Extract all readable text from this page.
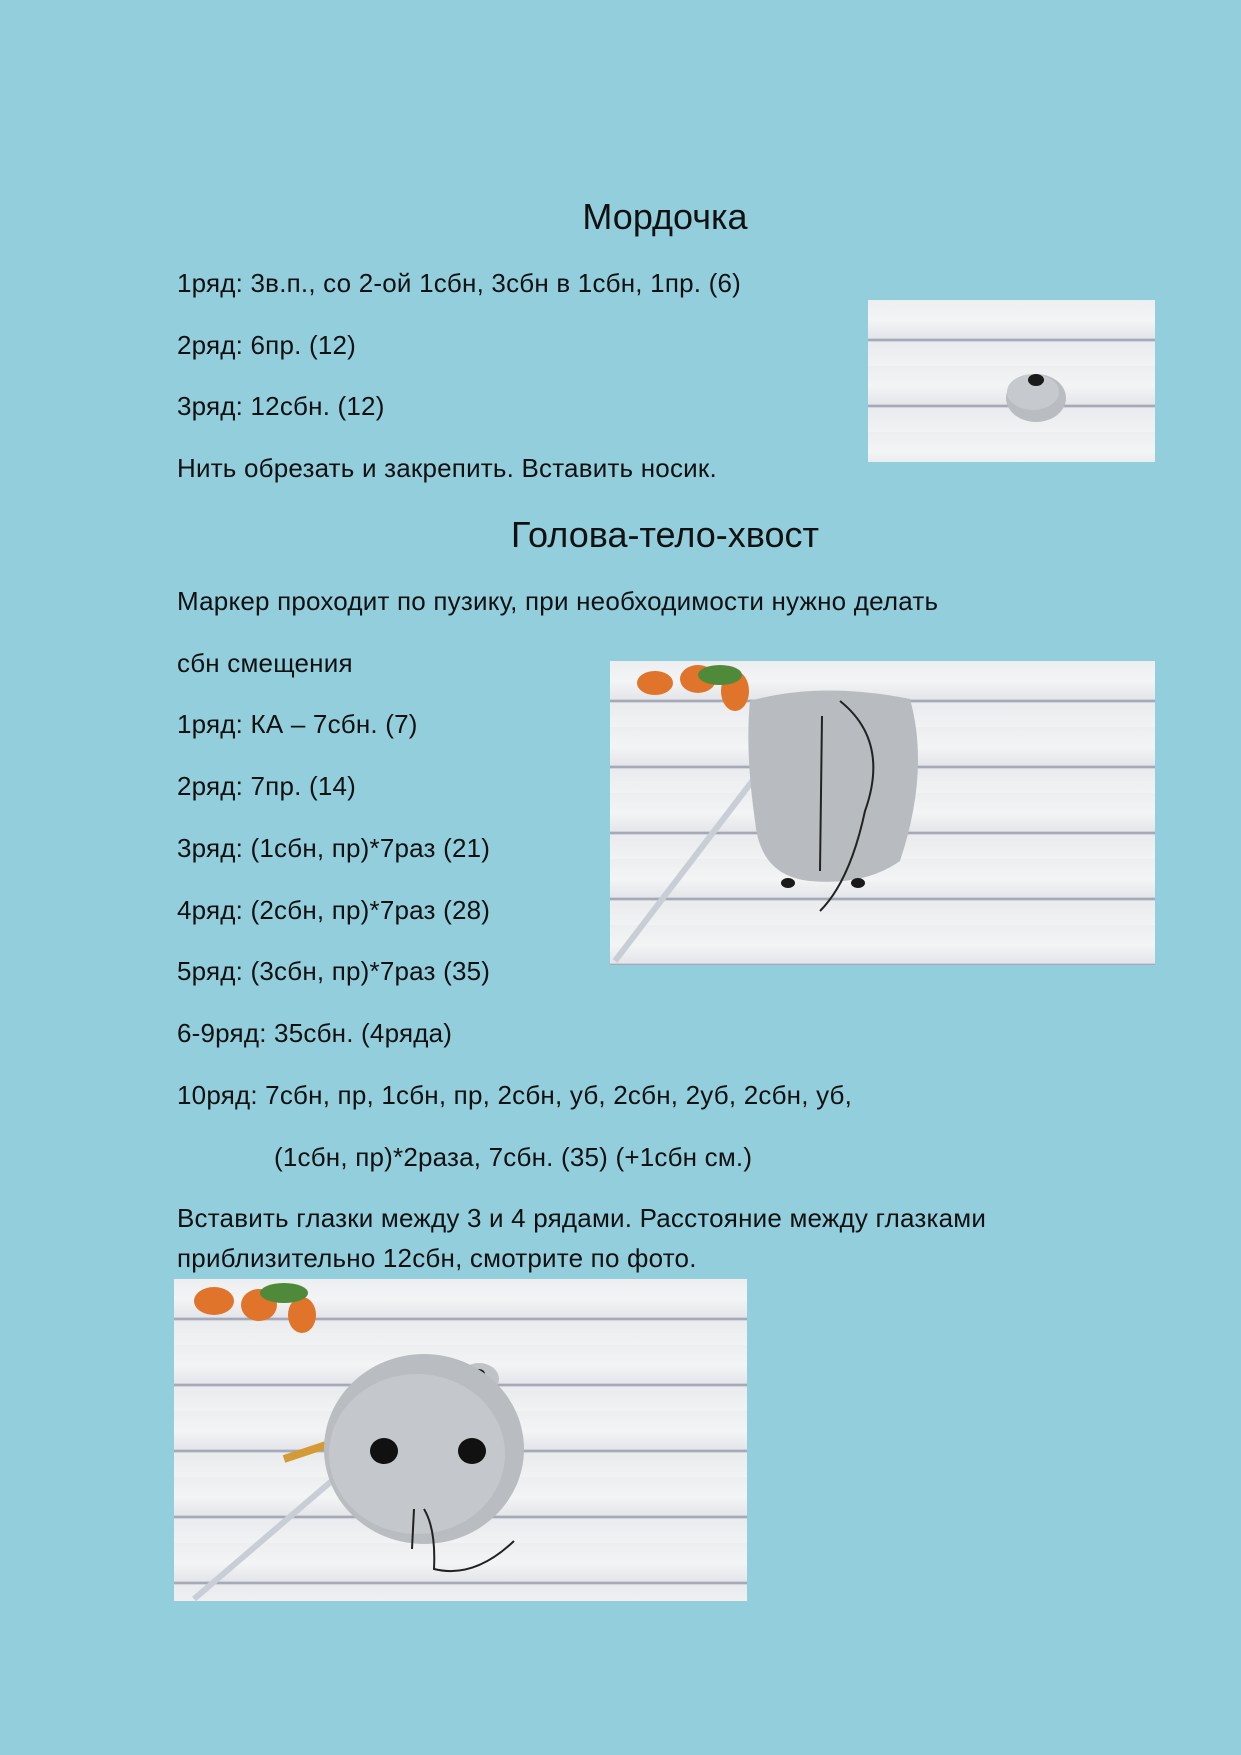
Мордочка
1ряд: 3в.п., со 2-ой 1сбн, 3сбн в 1сбн, 1пр. (6)
2ряд: 6пр. (12)
3ряд: 12сбн. (12)
Нить обрезать и закрепить. Вставить носик.
Голова-тело-хвост
Маркер проходит по пузику, при необходимости нужно делать
сбн смещения
1ряд: КА – 7сбн. (7)
2ряд: 7пр. (14)
3ряд: (1сбн, пр)*7раз (21)
4ряд: (2сбн, пр)*7раз (28)
5ряд: (3сбн, пр)*7раз (35)
6-9ряд: 35сбн. (4ряда)
10ряд: 7сбн, пр, 1сбн, пр, 2сбн, уб, 2сбн, 2уб, 2сбн, уб,
(1сбн, пр)*2раза, 7сбн. (35) (+1сбн см.)
Вставить глазки между 3 и 4 рядами. Расстояние между глазками
приблизительно 12сбн, смотрите по фото.
